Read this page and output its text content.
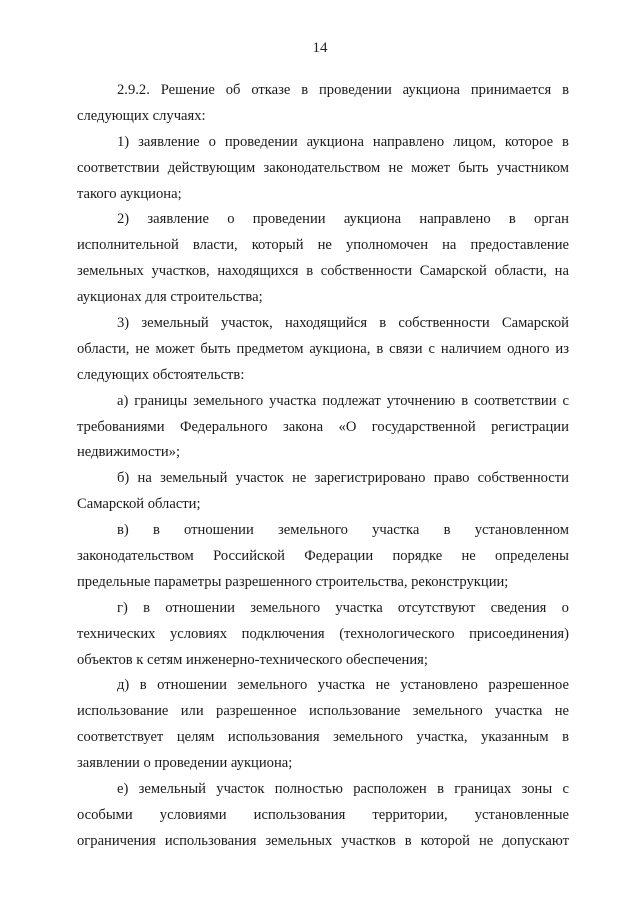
14
2.9.2. Решение об отказе в проведении аукциона принимается в
следующих случаях:
1) заявление о проведении аукциона направлено лицом, которое в
соответствии действующим законодательством не может быть участником
такого аукциона;
2) заявление о проведении аукциона направлено в орган
исполнительной власти, который не уполномочен на предоставление
земельных участков, находящихся в собственности Самарской области, на
аукционах для строительства;
3) земельный участок, находящийся в собственности Самарской
области, не может быть предметом аукциона, в связи с наличием одного из
следующих обстоятельств:
а) границы земельного участка подлежат уточнению в соответствии с
требованиями Федерального закона «О государственной регистрации
недвижимости»;
б) на земельный участок не зарегистрировано право собственности
Самарской области;
в) в отношении земельного участка в установленном
законодательством Российской Федерации порядке не определены
предельные параметры разрешенного строительства, реконструкции;
г) в отношении земельного участка отсутствуют сведения о
технических условиях подключения (технологического присоединения)
объектов к сетям инженерно-технического обеспечения;
д) в отношении земельного участка не установлено разрешенное
использование или разрешенное использование земельного участка не
соответствует целям использования земельного участка, указанным в
заявлении о проведении аукциона;
е) земельный участок полностью расположен в границах зоны с
особыми условиями использования территории, установленные
ограничения использования земельных участков в которой не допускают
